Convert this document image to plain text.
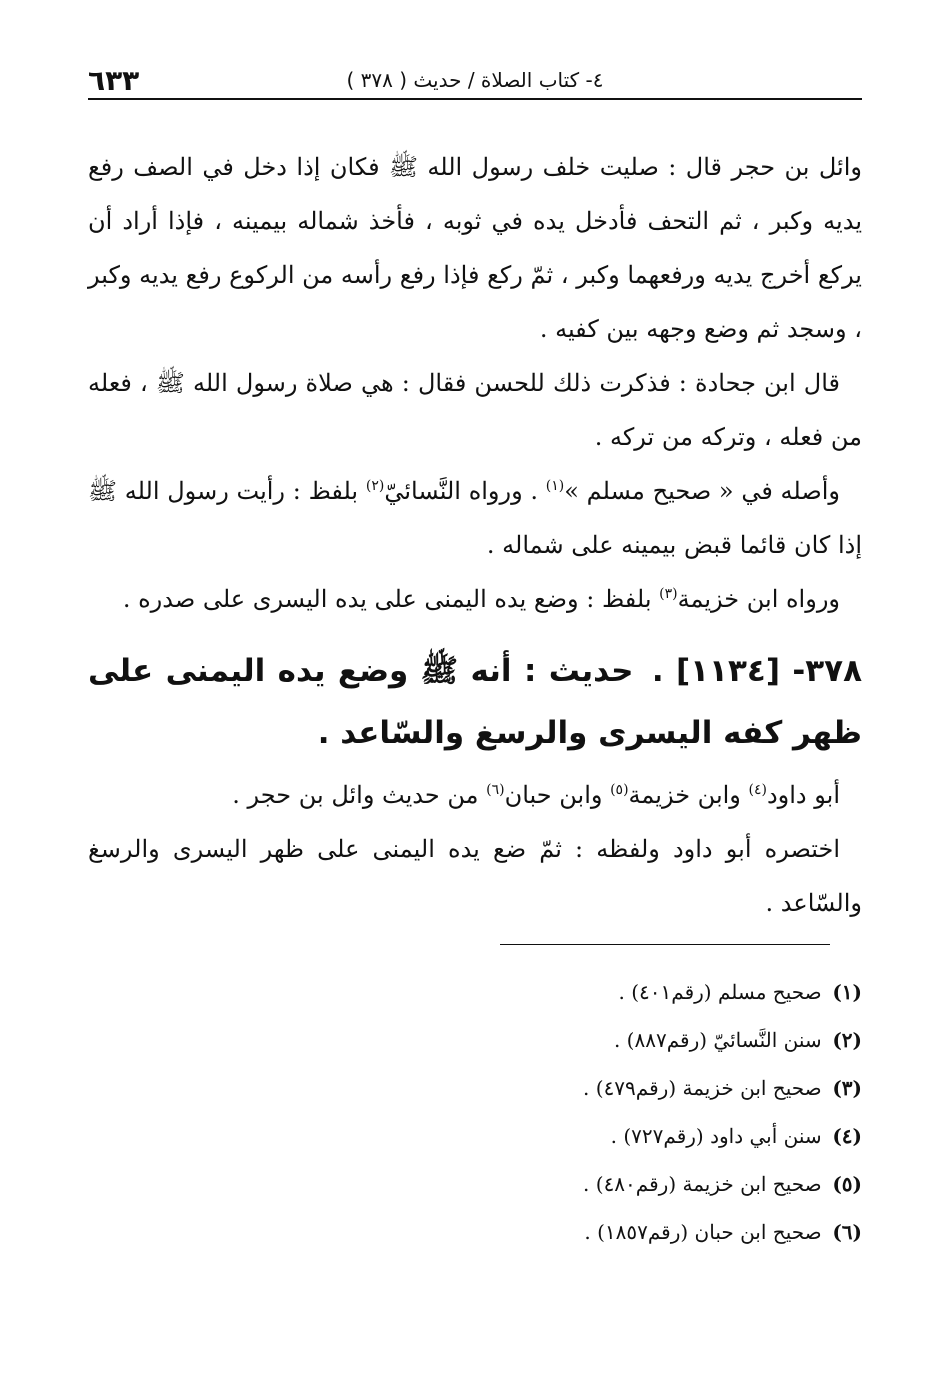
٦٣٣	٤- كتاب الصلاة / حديث ( ٣٧٨ )

وائل بن حجر قال : صليت خلف رسول الله ﷺ فكان إذا دخل في الصف رفع يديه وكبر ، ثم التحف فأدخل يده في ثوبه ، فأخذ شماله بيمينه ، فإذا أراد أن يركع أخرج يديه ورفعهما وكبر ، ثمّ ركع فإذا رفع رأسه من الركوع رفع يديه وكبر ، وسجد ثم وضع وجهه بين كفيه .

قال ابن جحادة : فذكرت ذلك للحسن فقال : هي صلاة رسول الله ﷺ ، فعله من فعله ، وتركه من تركه .

وأصله في « صحيح مسلم »$^{(١)}$ . ورواه النَّسائيّ$^{(٢)}$ بلفظ : رأيت رسول الله ﷺ إذا كان قائما قبض بيمينه على شماله .

ورواه ابن خزيمة$^{(٣)}$ بلفظ : وضع يده اليمنى على يده اليسرى على صدره .

٣٧٨- [١١٣٤] . حديث : أنه ﷺ وضع يده اليمنى على ظهر كفه اليسرى والرسغ والسّاعد .

أبو داود$^{(٤)}$ وابن خزيمة$^{(٥)}$ وابن حبان$^{(٦)}$ من حديث وائل بن حجر .

اختصره أبو داود ولفظه : ثمّ ضع يده اليمنى على ظهر اليسرى والرسغ والسّاعد .

(١) صحيح مسلم (رقم٤٠١) .
(٢) سنن النَّسائيّ (رقم٨٨٧) .
(٣) صحيح ابن خزيمة (رقم٤٧٩) .
(٤) سنن أبي داود (رقم٧٢٧) .
(٥) صحيح ابن خزيمة (رقم٤٨٠) .
(٦) صحيح ابن حبان (رقم١٨٥٧) .
